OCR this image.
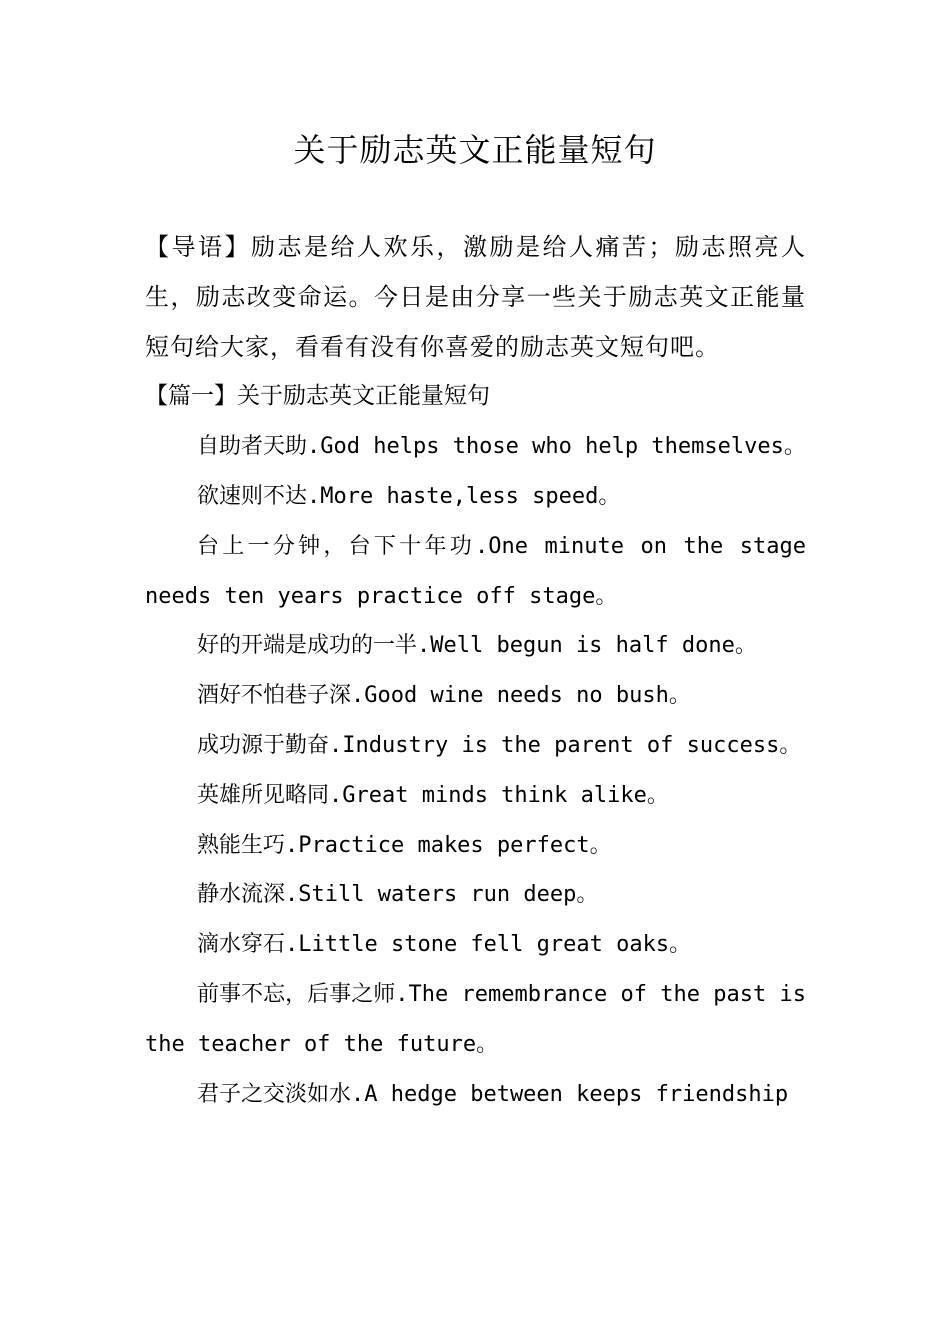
关于励志英文正能量短句

【导语】励志是给人欢乐，激励是给人痛苦；励志照亮人生，励志改变命运。今日是由分享一些关于励志英文正能量短句给大家，看看有没有你喜爱的励志英文短句吧。

【篇一】关于励志英文正能量短句

自助者天助.God helps those who help themselves。

欲速则不达.More haste,less speed。

台上一分钟，台下十年功.One minute on the stage needs ten years practice off stage。

好的开端是成功的一半.Well begun is half done。

酒好不怕巷子深.Good wine needs no bush。

成功源于勤奋.Industry is the parent of success。

英雄所见略同.Great minds think alike。

熟能生巧.Practice makes perfect。

静水流深.Still waters run deep。

滴水穿石.Little stone fell great oaks。

前事不忘，后事之师.The remembrance of the past is the teacher of the future。

君子之交淡如水.A hedge between keeps friendship
